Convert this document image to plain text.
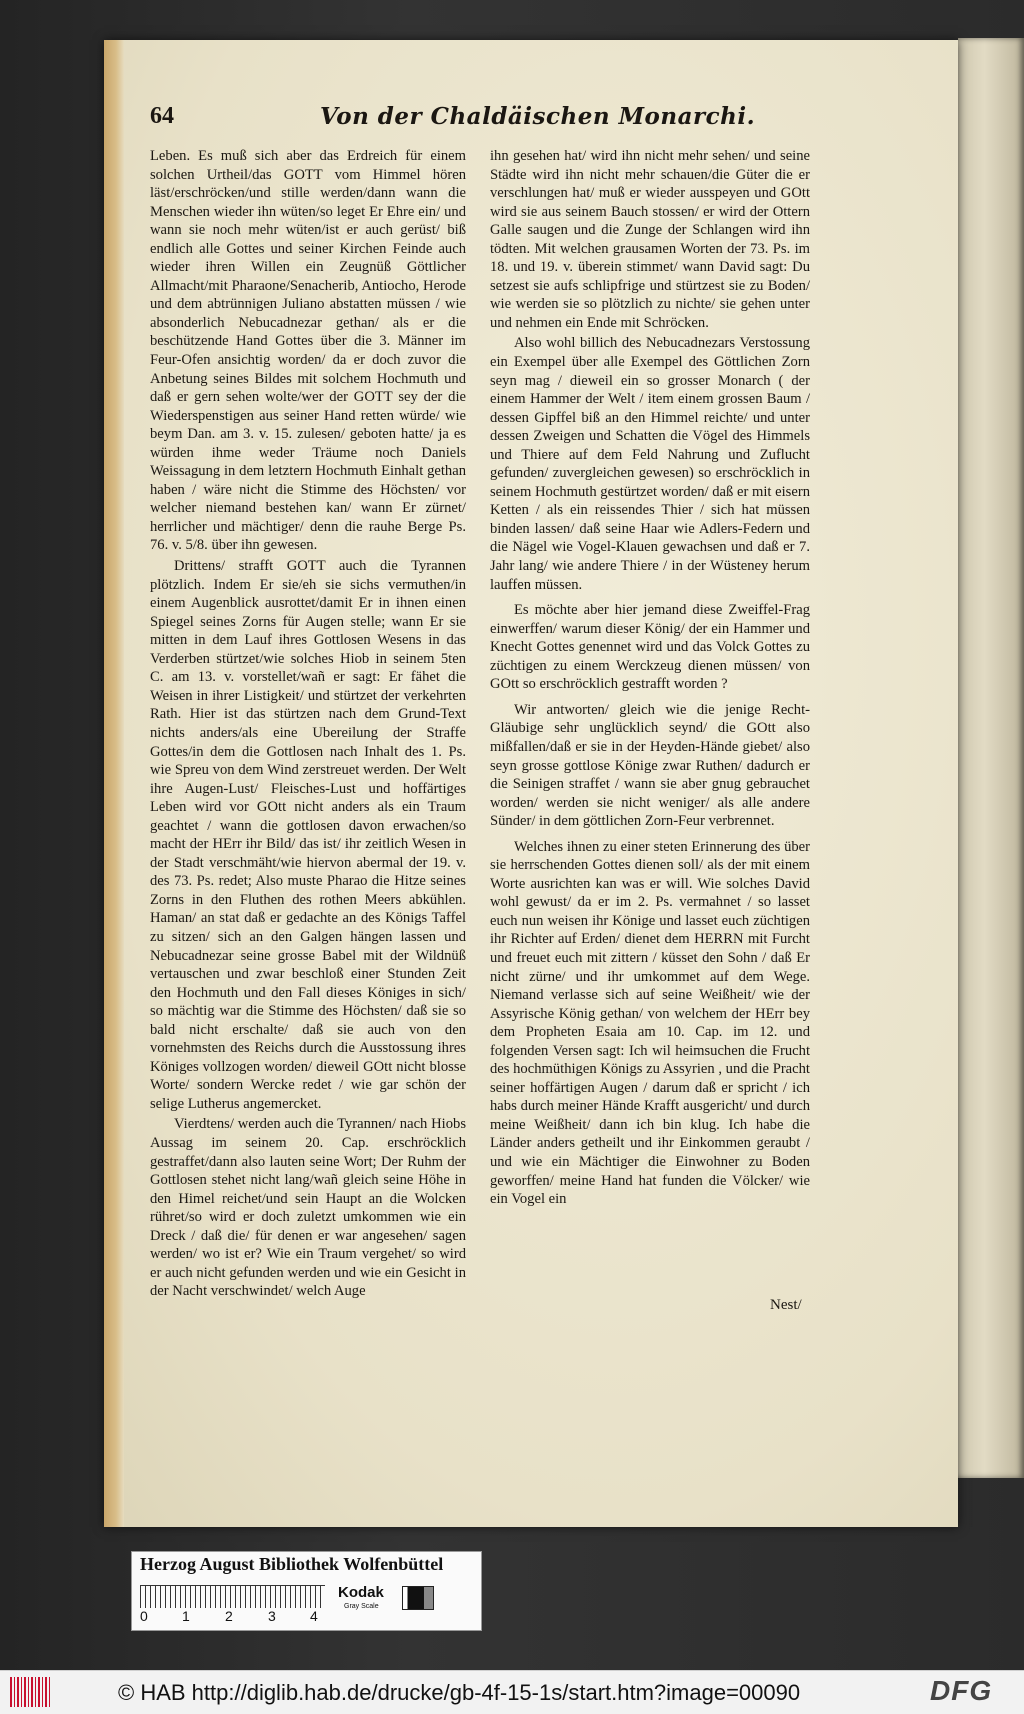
64	Von der Chaldäischen Monarchi.

Leben. Es muß sich aber das Erdreich für einem solchen Urtheil/das GOTT vom Himmel hören läst/erschröcken/und stille werden/dann wann die Menschen wieder ihn wüten/so leget Er Ehre ein/ und wann sie noch mehr wüten/ist er auch gerüst/ biß endlich alle Gottes und seiner Kirchen Feinde auch wieder ihren Willen ein Zeugnüß Göttlicher Allmacht/mit Pharaone/Senacherib, Antiocho, Herode und dem abtrünnigen Juliano abstatten müssen / wie absonderlich Nebucadnezar gethan/ als er die beschützende Hand Gottes über die 3. Männer im Feur-Ofen ansichtig worden/ da er doch zuvor die Anbetung seines Bildes mit solchem Hochmuth und daß er gern sehen wolte/wer der GOTT sey der die Wiederspenstigen aus seiner Hand retten würde/ wie beym Dan. am 3. v. 15. zulesen/ geboten hatte/ ja es würden ihme weder Träume noch Daniels Weissagung in dem letztern Hochmuth Einhalt gethan haben / wäre nicht die Stimme des Höchsten/ vor welcher niemand bestehen kan/ wann Er zürnet/ herrlicher und mächtiger/ denn die rauhe Berge Ps. 76. v. 5/8. über ihn gewesen.

Drittens/ strafft GOTT auch die Tyrannen plötzlich. Indem Er sie/eh sie sichs vermuthen/in einem Augenblick ausrottet/damit Er in ihnen einen Spiegel seines Zorns für Augen stelle; wann Er sie mitten in dem Lauf ihres Gottlosen Wesens in das Verderben stürtzet/wie solches Hiob in seinem 5ten C. am 13. v. vorstellet/wañ er sagt: Er fähet die Weisen in ihrer Listigkeit/ und stürtzet der verkehrten Rath. Hier ist das stürtzen nach dem Grund-Text nichts anders/als eine Ubereilung der Straffe Gottes/in dem die Gottlosen nach Inhalt des 1. Ps. wie Spreu von dem Wind zerstreuet werden. Der Welt ihre Augen-Lust/ Fleisches-Lust und hoffärtiges Leben wird vor GOtt nicht anders als ein Traum geachtet / wann die gottlosen davon erwachen/so macht der HErr ihr Bild/ das ist/ ihr zeitlich Wesen in der Stadt verschmäht/wie hiervon abermal der 19. v. des 73. Ps. redet; Also muste Pharao die Hitze seines Zorns in den Fluthen des rothen Meers abkühlen. Haman/ an stat daß er gedachte an des Königs Taffel zu sitzen/ sich an den Galgen hängen lassen und Nebucadnezar seine grosse Babel mit der Wildnüß vertauschen und zwar beschloß einer Stunden Zeit den Hochmuth und den Fall dieses Königes in sich/ so mächtig war die Stimme des Höchsten/ daß sie so bald nicht erschalte/ daß sie auch von den vornehmsten des Reichs durch die Ausstossung ihres Königes vollzogen worden/ dieweil GOtt nicht blosse Worte/ sondern Wercke redet / wie gar schön der selige Lutherus angemercket.

Vierdtens/ werden auch die Tyrannen/ nach Hiobs Aussag im seinem 20. Cap. erschröcklich gestraffet/dann also lauten seine Wort; Der Ruhm der Gottlosen stehet nicht lang/wañ gleich seine Höhe in den Himel reichet/und sein Haupt an die Wolcken rühret/so wird er doch zuletzt umkommen wie ein Dreck / daß die/ für denen er war angesehen/ sagen werden/ wo ist er? Wie ein Traum vergehet/ so wird er auch nicht gefunden werden und wie ein Gesicht in der Nacht verschwindet/ welch Auge

ihn gesehen hat/ wird ihn nicht mehr sehen/ und seine Städte wird ihn nicht mehr schauen/die Güter die er verschlungen hat/ muß er wieder ausspeyen und GOtt wird sie aus seinem Bauch stossen/ er wird der Ottern Galle saugen und die Zunge der Schlangen wird ihn tödten. Mit welchen grausamen Worten der 73. Ps. im 18. und 19. v. überein stimmet/ wann David sagt: Du setzest sie aufs schlipfrige und stürtzest sie zu Boden/ wie werden sie so plötzlich zu nichte/ sie gehen unter und nehmen ein Ende mit Schröcken.

Also wohl billich des Nebucadnezars Verstossung ein Exempel über alle Exempel des Göttlichen Zorn seyn mag / dieweil ein so grosser Monarch ( der einem Hammer der Welt / item einem grossen Baum / dessen Gipffel biß an den Himmel reichte/ und unter dessen Zweigen und Schatten die Vögel des Himmels und Thiere auf dem Feld Nahrung und Zuflucht gefunden/ zuvergleichen gewesen) so erschröcklich in seinem Hochmuth gestürtzet worden/ daß er mit eisern Ketten / als ein reissendes Thier / sich hat müssen binden lassen/ daß seine Haar wie Adlers-Federn und die Nägel wie Vogel-Klauen gewachsen und daß er 7. Jahr lang/ wie andere Thiere / in der Wüsteney herum lauffen müssen.

Es möchte aber hier jemand diese Zweiffel-Frag einwerffen/ warum dieser König/ der ein Hammer und Knecht Gottes genennet wird und das Volck Gottes zu züchtigen zu einem Werckzeug dienen müssen/ von GOtt so erschröcklich gestrafft worden ?

Wir antworten/ gleich wie die jenige Recht-Gläubige sehr unglücklich seynd/ die GOtt also mißfallen/daß er sie in der Heyden-Hände giebet/ also seyn grosse gottlose Könige zwar Ruthen/ dadurch er die Seinigen straffet / wann sie aber gnug gebrauchet worden/ werden sie nicht weniger/ als alle andere Sünder/ in dem göttlichen Zorn-Feur verbrennet.

Welches ihnen zu einer steten Erinnerung des über sie herrschenden Gottes dienen soll/ als der mit einem Worte ausrichten kan was er will. Wie solches David wohl gewust/ da er im 2. Ps. vermahnet / so lasset euch nun weisen ihr Könige und lasset euch züchtigen ihr Richter auf Erden/ dienet dem HERRN mit Furcht und freuet euch mit zittern / küsset den Sohn / daß Er nicht zürne/ und ihr umkommet auf dem Wege. Niemand verlasse sich auf seine Weißheit/ wie der Assyrische König gethan/ von welchem der HErr bey dem Propheten Esaia am 10. Cap. im 12. und folgenden Versen sagt: Ich wil heimsuchen die Frucht des hochmüthigen Königs zu Assyrien , und die Pracht seiner hoffärtigen Augen / darum daß er spricht / ich habs durch meiner Hände Krafft ausgericht/ und durch meine Weißheit/ dann ich bin klug. Ich habe die Länder anders getheilt und ihr Einkommen geraubt / und wie ein Mächtiger die Einwohner zu Boden geworffen/ meine Hand hat funden die Völcker/ wie ein Vogel ein

Nest/
Herzog August Bibliothek Wolfenbüttel
0 1	2	3 4
Kodak
Gray Scale
© HAB http://diglib.hab.de/drucke/gb-4f-15-1s/start.htm?image=00090	DFG
